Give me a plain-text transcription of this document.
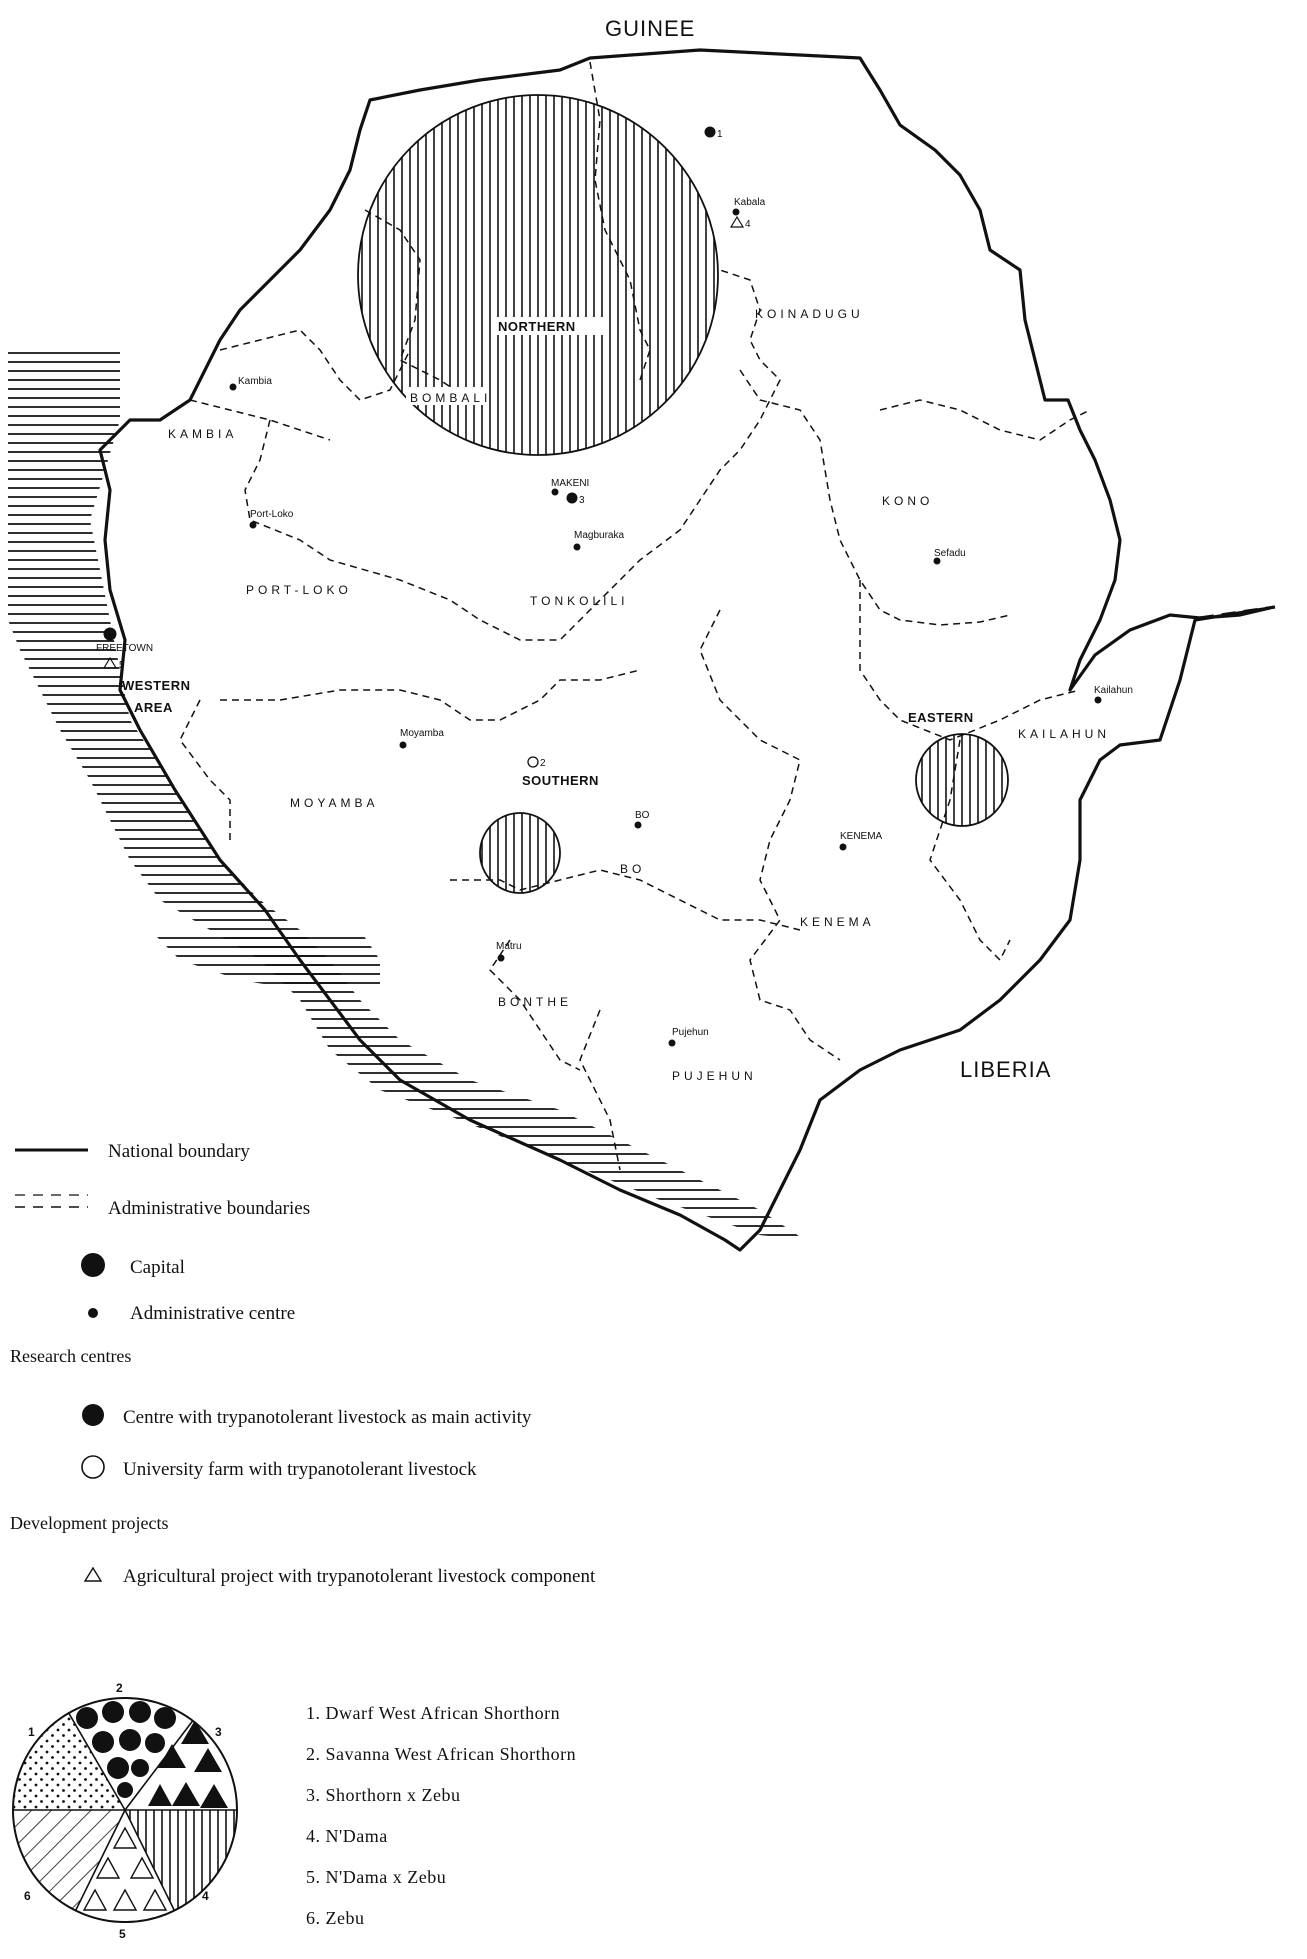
GUINEE
LIBERIA
NORTHERN
SOUTHERN
EASTERN
WESTERN
AREA
KOINADUGU
BOMBALI
KAMBIA
PORT-LOKO
TONKOLILI
KONO
KAILAHUN
MOYAMBA
BO
KENEMA
BONTHE
PUJEHUN
Kabala
Kambia
Port-Loko
MAKENI
Magburaka
Sefadu
Kailahun
Moyamba
BO
KENEMA
Matru
Pujehun
FREETOWN
1
3
2
4
5
National boundary
Administrative boundaries
Capital
Administrative centre
Research centres
Centre with trypanotolerant livestock as main activity
University farm with trypanotolerant livestock
Development projects
Agricultural project with trypanotolerant livestock component
1
2
3
4
5
6
1. Dwarf West African Shorthorn
2. Savanna West African Shorthorn
3. Shorthorn x Zebu
4. N'Dama
5. N'Dama x Zebu
6. Zebu
